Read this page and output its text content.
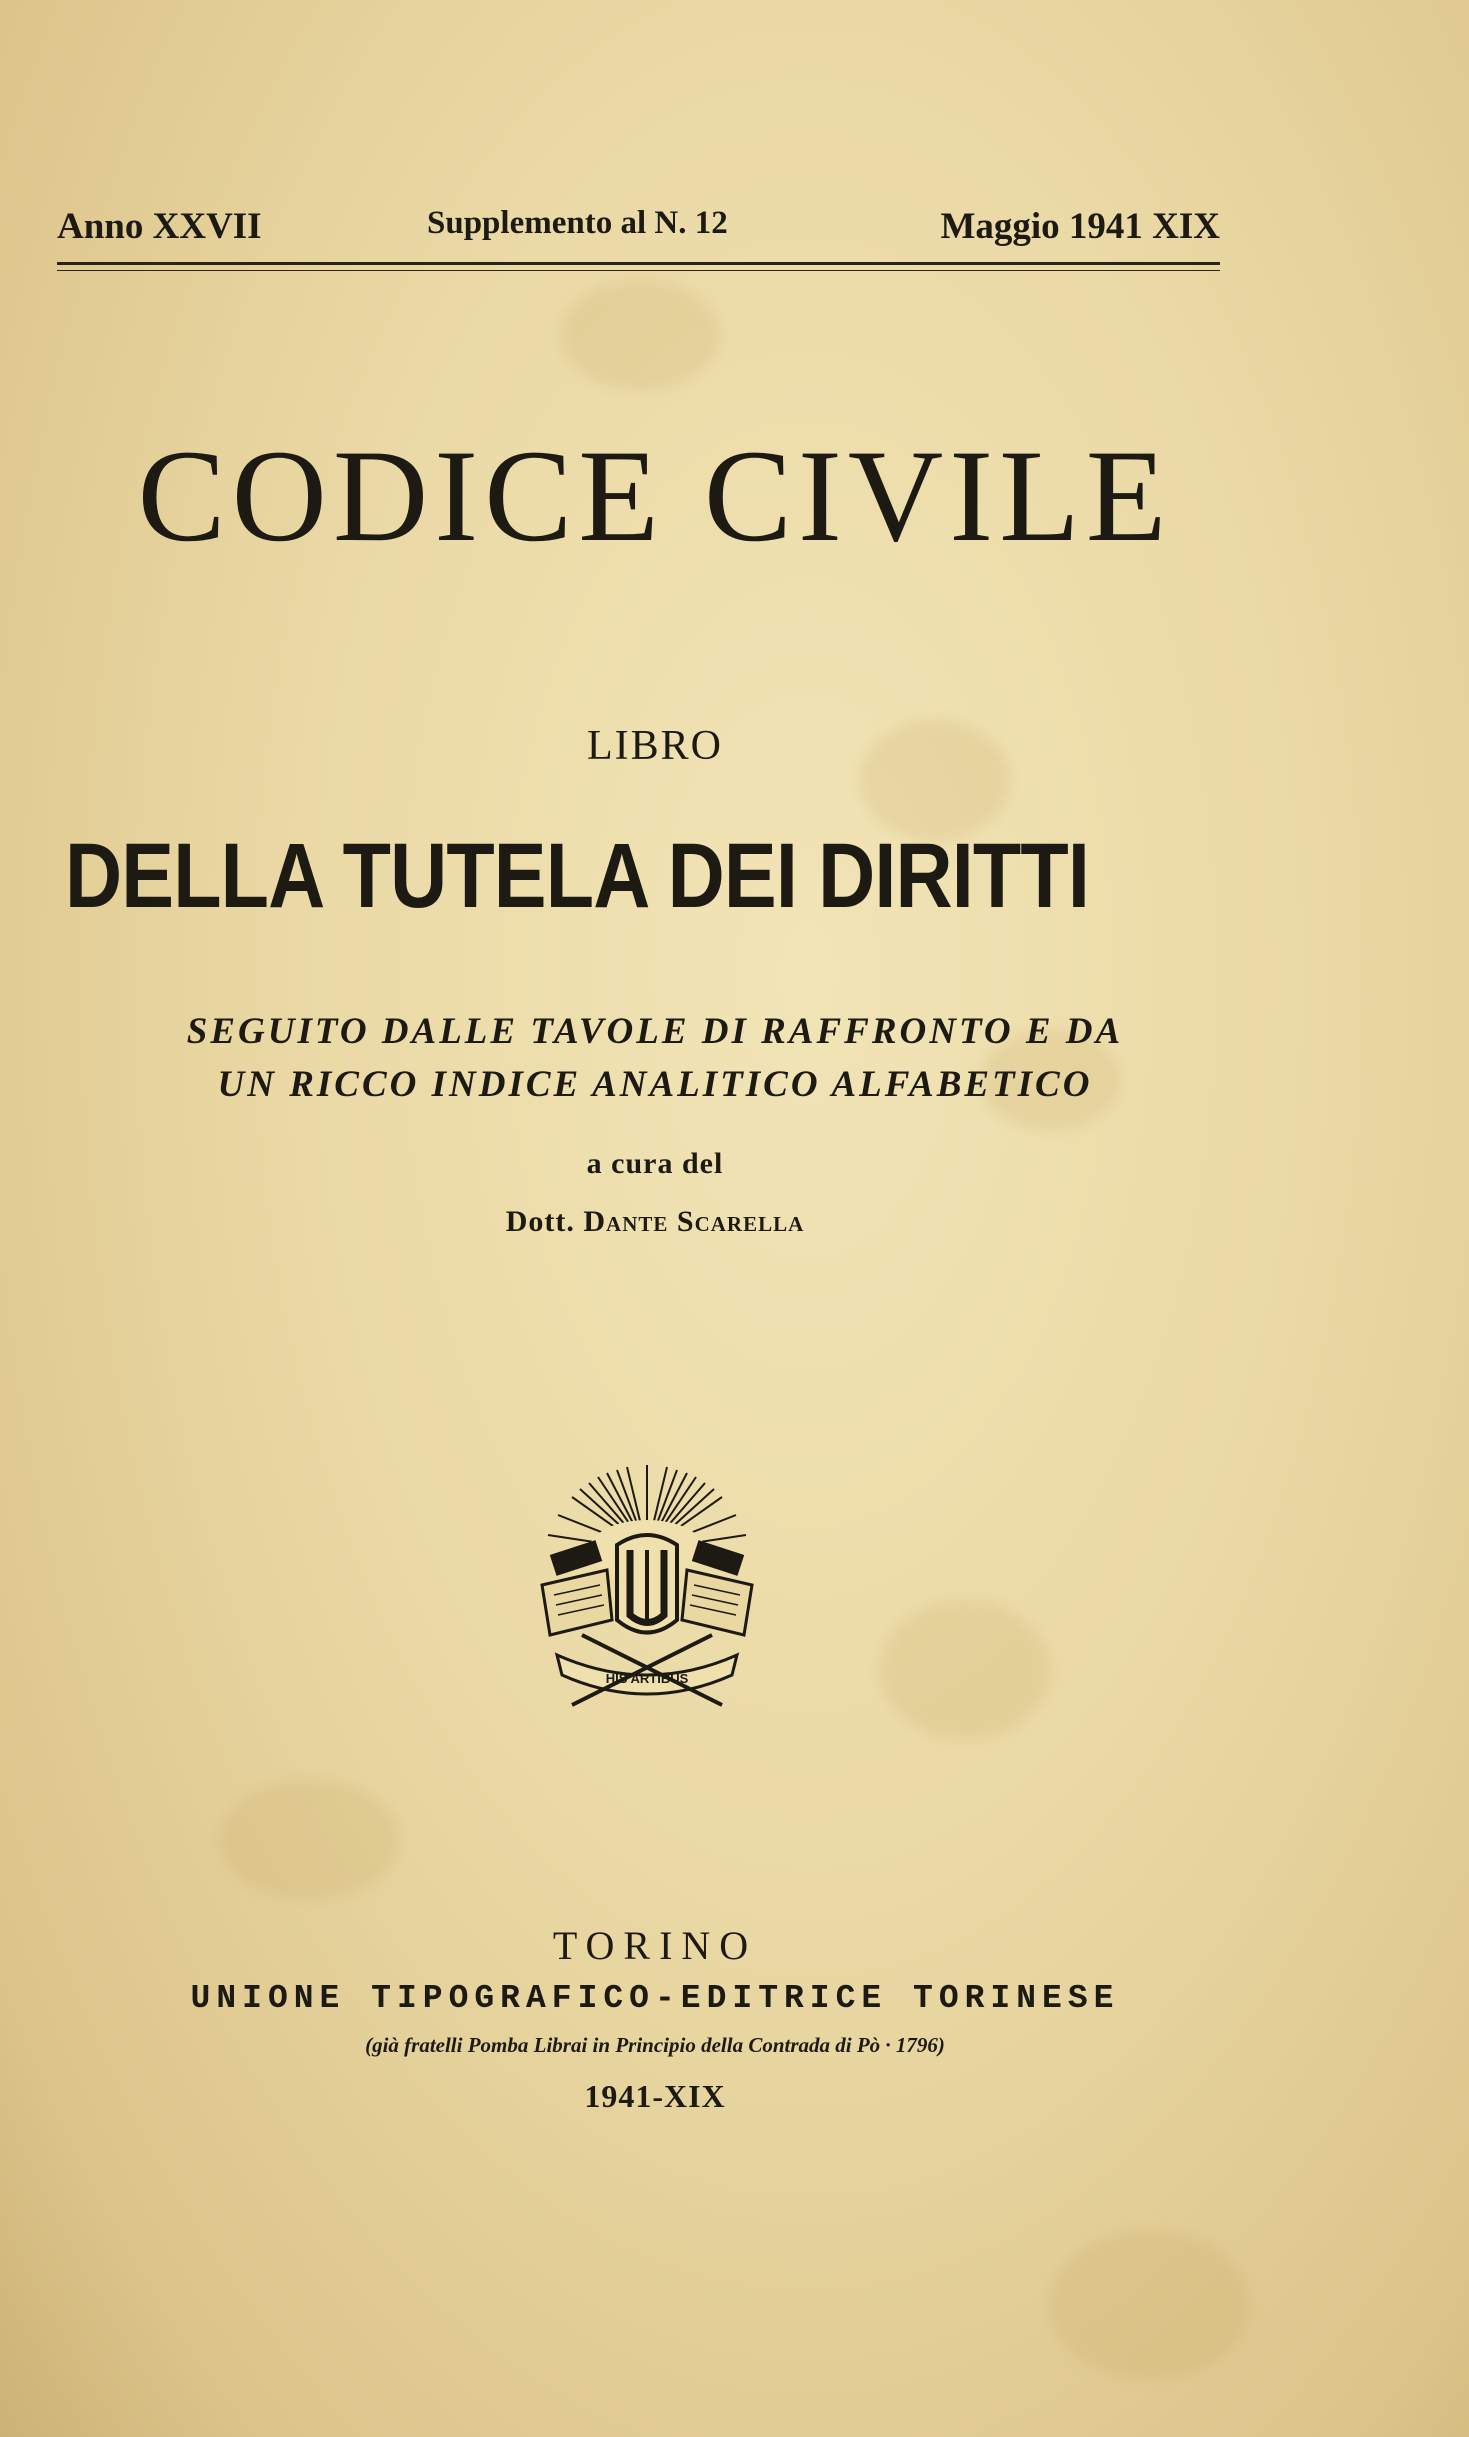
Anno XXVII	Supplemento al N. 12	Maggio 1941 XIX
CODICE CIVILE
LIBRO
DELLA TUTELA DEI DIRITTI
SEGUITO DALLE TAVOLE DI RAFFRONTO E DA
UN RICCO INDICE ANALITICO ALFABETICO
a cura del
Dott. Dante Scarella
HIS ARTIBUS
TORINO
UNIONE TIPOGRAFICO-EDITRICE TORINESE
(già fratelli Pomba Librai in Principio della Contrada di Pò · 1796)
1941-XIX
